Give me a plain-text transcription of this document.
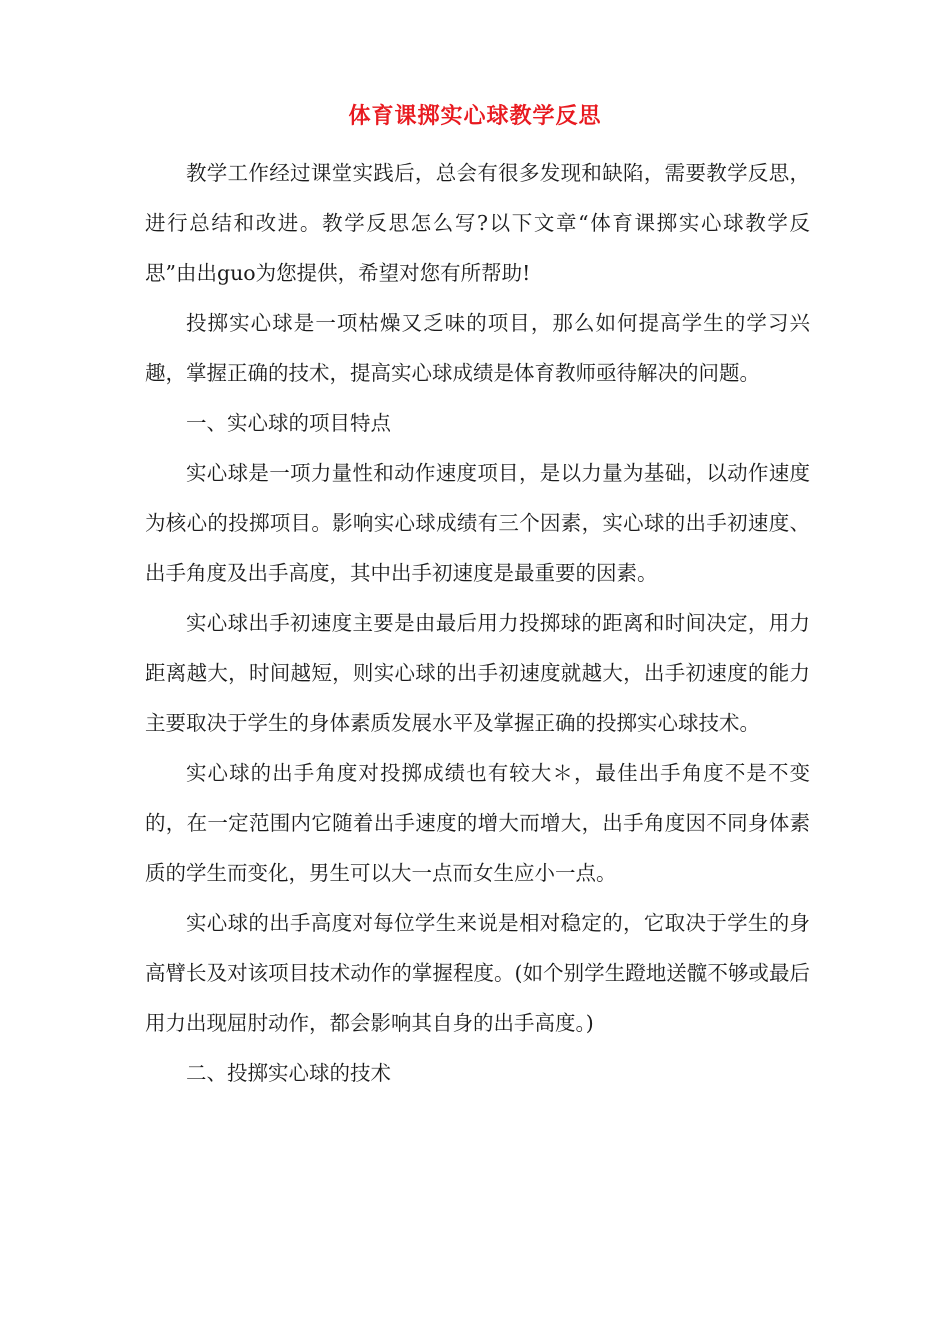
体育课掷实心球教学反思

教学工作经过课堂实践后，总会有很多发现和缺陷，需要教学反思，进行总结和改进。教学反思怎么写?以下文章“体育课掷实心球教学反思”由出guo为您提供，希望对您有所帮助!

投掷实心球是一项枯燥又乏味的项目，那么如何提高学生的学习兴趣，掌握正确的技术，提高实心球成绩是体育教师亟待解决的问题。

一、实心球的项目特点

实心球是一项力量性和动作速度项目，是以力量为基础，以动作速度为核心的投掷项目。影响实心球成绩有三个因素，实心球的出手初速度、出手角度及出手高度，其中出手初速度是最重要的因素。

实心球出手初速度主要是由最后用力投掷球的距离和时间决定，用力距离越大，时间越短，则实心球的出手初速度就越大，出手初速度的能力主要取决于学生的身体素质发展水平及掌握正确的投掷实心球技术。

实心球的出手角度对投掷成绩也有较大＊，最佳出手角度不是不变的，在一定范围内它随着出手速度的增大而增大，出手角度因不同身体素质的学生而变化，男生可以大一点而女生应小一点。

实心球的出手高度对每位学生来说是相对稳定的，它取决于学生的身高臂长及对该项目技术动作的掌握程度。(如个别学生蹬地送髋不够或最后用力出现屈肘动作，都会影响其自身的出手高度。)

二、投掷实心球的技术
